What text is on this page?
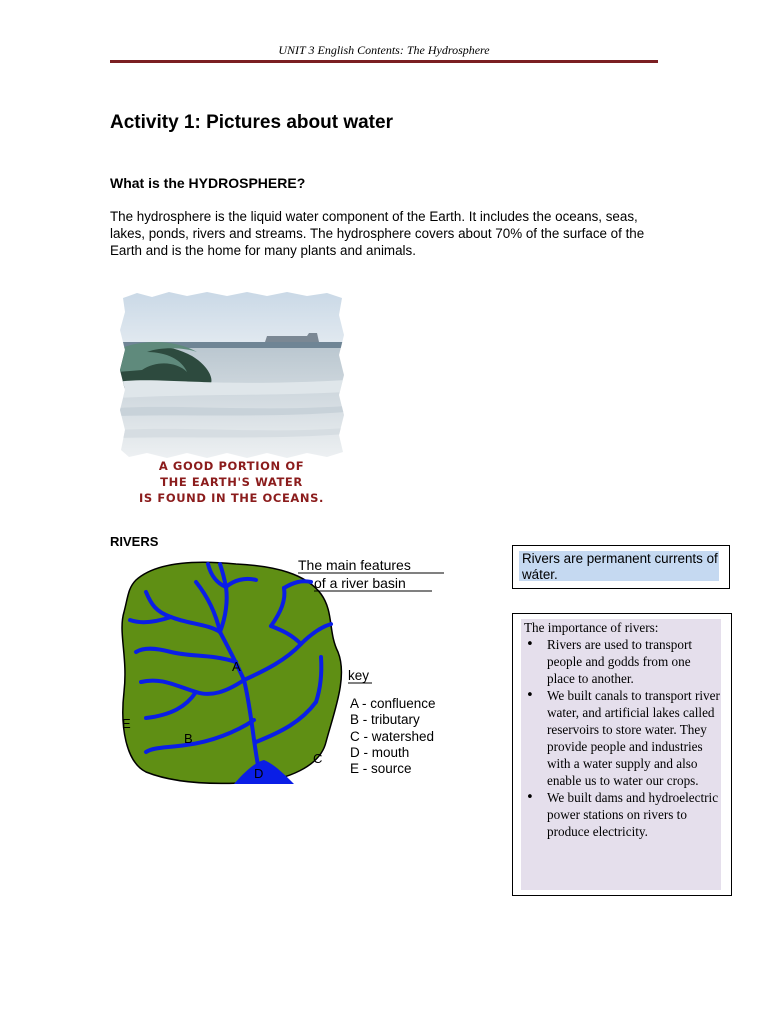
UNIT 3 English Contents: The Hydrosphere
Activity 1: Pictures about water
What is the HYDROSPHERE?

The hydrosphere is the liquid water component of the Earth. It includes the oceans, seas, lakes, ponds, rivers and streams. The hydrosphere covers about 70% of the surface of the Earth and is the home for many plants and animals.

A GOOD PORTION OF
THE EARTH'S WATER
IS FOUND IN THE OCEANS.
RIVERS
A
B
C
D
E
The main features
of a river basin
key
A - confluence
B - tributary
C - watershed
D - mouth
E - source
Rivers are permanent currents of wáter.
The importance of rivers:
• Rivers are used to transport people and godds from one place to another.
• We built canals to transport river water, and artificial lakes called reservoirs to store water. They provide people and industries with a water supply and also enable us to water our crops.
• We built dams and hydroelectric power stations on rivers to produce electricity.
